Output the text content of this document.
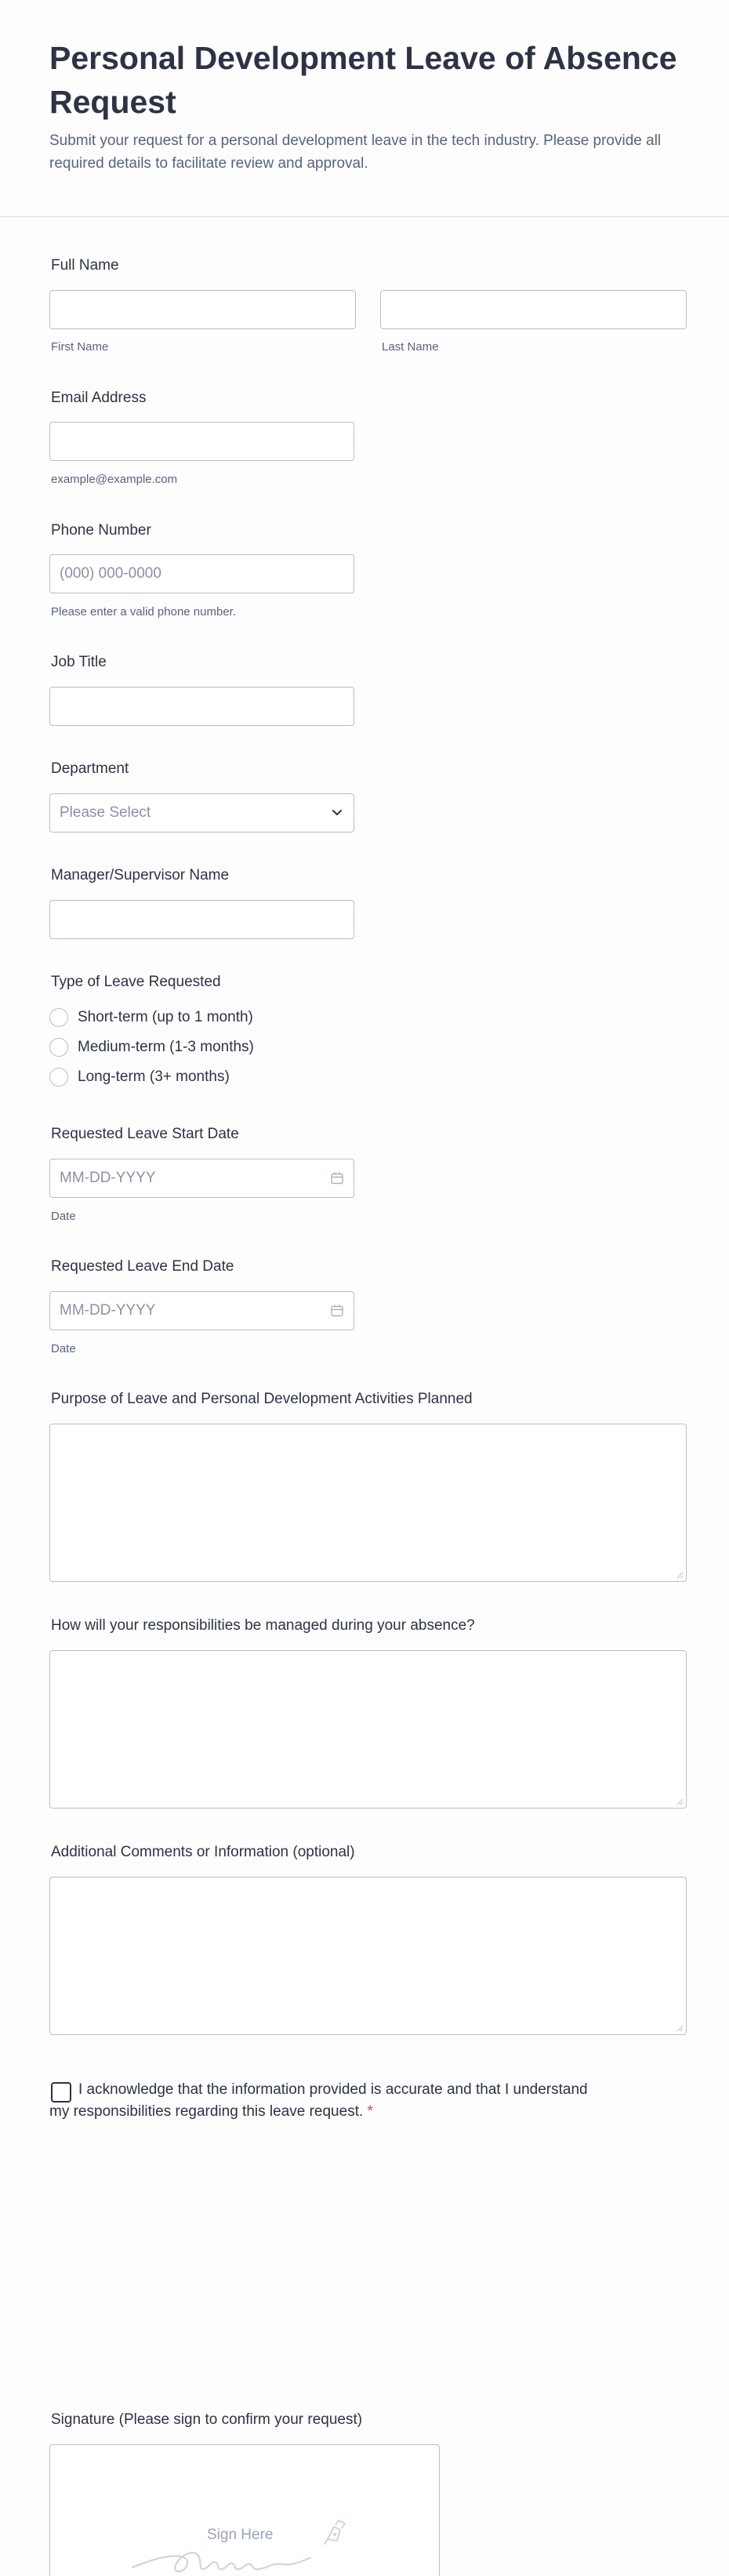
Personal Development Leave of Absence Request

Submit your request for a personal development leave in the tech industry. Please provide all required details to facilitate review and approval.

Full Name
First Name	Last Name
Email Address
example@example.com
Phone Number
(000) 000-0000
Please enter a valid phone number.
Job Title
Department
Please Select
Manager/Supervisor Name
Type of Leave Requested
Short-term (up to 1 month)
Medium-term (1-3 months)
Long-term (3+ months)
Requested Leave Start Date
MM-DD-YYYY
Date
Requested Leave End Date
MM-DD-YYYY
Date
Purpose of Leave and Personal Development Activities Planned
How will your responsibilities be managed during your absence?
Additional Comments or Information (optional)

I acknowledge that the information provided is accurate and that I understand my responsibilities regarding this leave request. *

Signature (Please sign to confirm your request)
Sign Here
